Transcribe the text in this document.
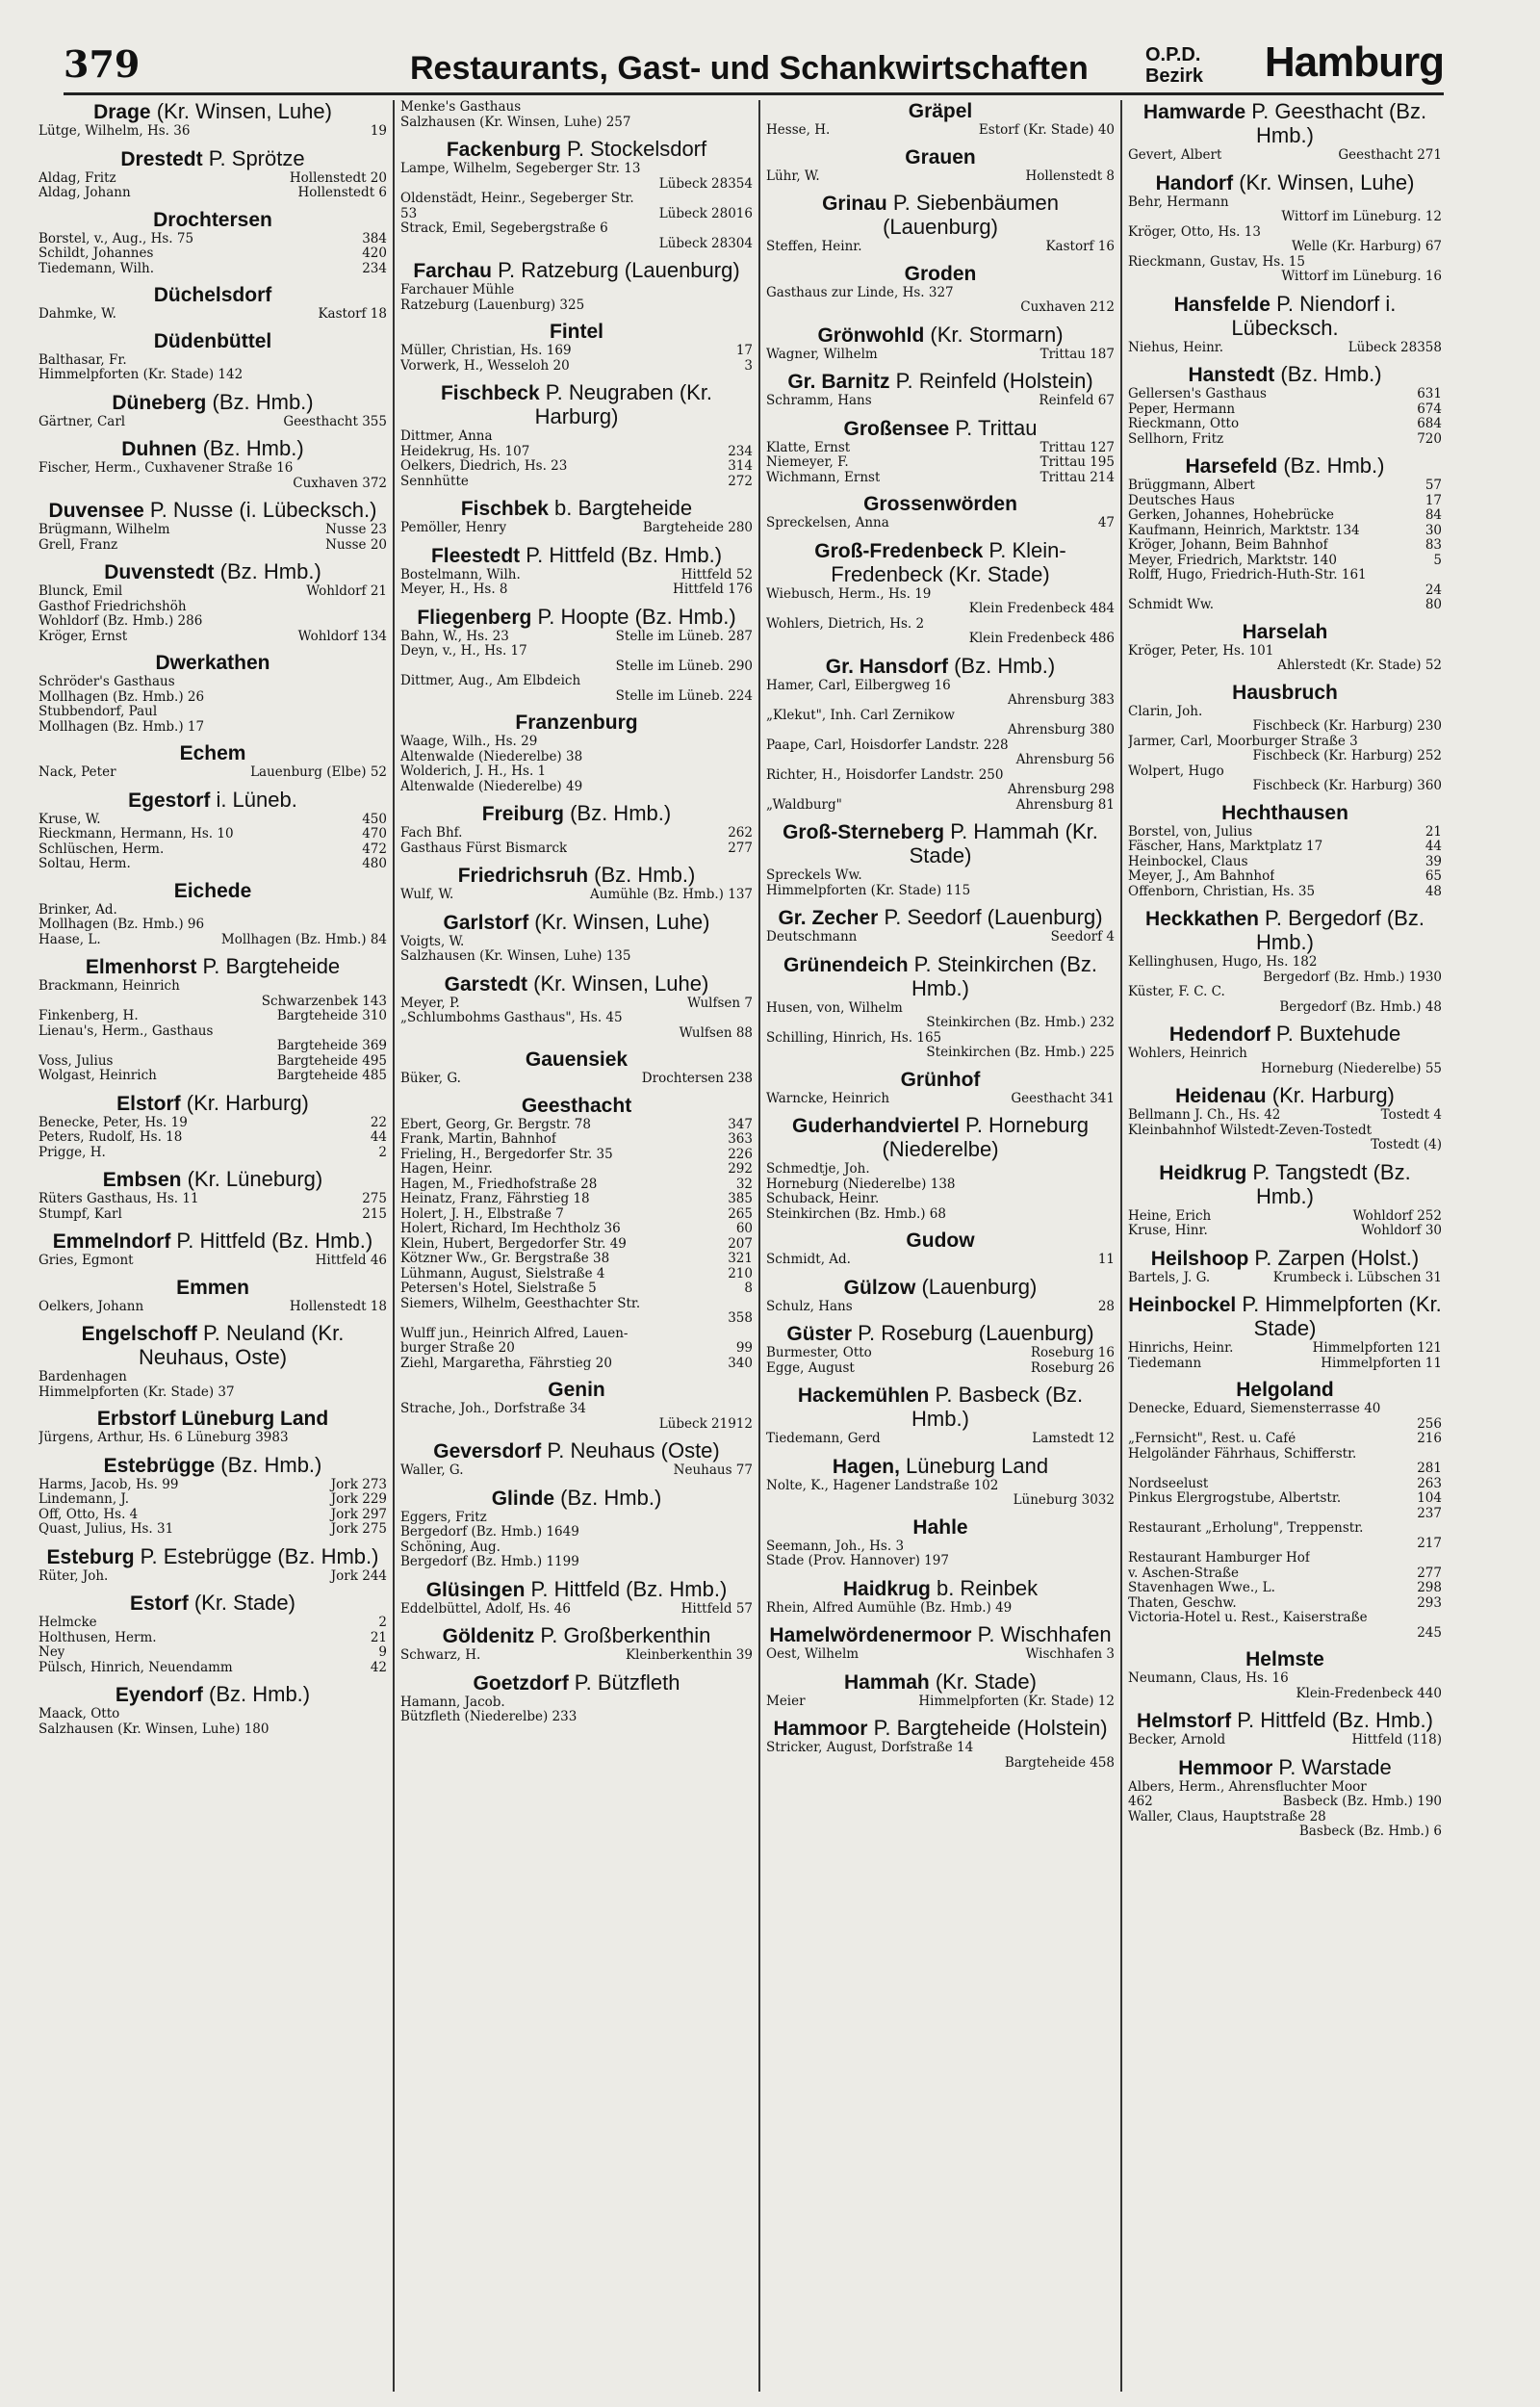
379	Restaurants, Gast- und Schankwirtschaften	O.P.D.
Bezirk Hamburg
Drage (Kr. Winsen, Luhe)
Lütge, Wilhelm, Hs. 36	19
Drestedt P. Sprötze
Aldag, Fritz	Hollenstedt 20
Aldag, Johann	Hollenstedt 6
Drochtersen
Borstel, v., Aug., Hs. 75	384
Schildt, Johannes	420
Tiedemann, Wilh.	234
Düchelsdorf
Dahmke, W.	Kastorf 18
Düdenbüttel
Balthasar, Fr.
Himmelpforten (Kr. Stade) 142
Düneberg (Bz. Hmb.)
Gärtner, Carl	Geesthacht 355
Duhnen (Bz. Hmb.)
Fischer, Herm., Cuxhavener Straße 16
Cuxhaven 372
Duvensee P. Nusse (i. Lübecksch.)
Brügmann, Wilhelm	Nusse 23
Grell, Franz	Nusse 20
Duvenstedt (Bz. Hmb.)
Blunck, Emil	Wohldorf 21
Gasthof Friedrichshöh
Wohldorf (Bz. Hmb.) 286
Kröger, Ernst	Wohldorf 134
Dwerkathen
Schröder's Gasthaus
Mollhagen (Bz. Hmb.) 26
Stubbendorf, Paul
Mollhagen (Bz. Hmb.) 17
Echem
Nack, Peter	Lauenburg (Elbe) 52
Egestorf i. Lüneb.
Kruse, W.	450
Rieckmann, Hermann, Hs. 10	470
Schlüschen, Herm.	472
Soltau, Herm.	480
Eichede
Brinker, Ad.
Mollhagen (Bz. Hmb.) 96
Haase, L.	Mollhagen (Bz. Hmb.) 84
Elmenhorst P. Bargteheide
Brackmann, Heinrich
Schwarzenbek 143
Finkenberg, H.	Bargteheide 310
Lienau's, Herm., Gasthaus
Bargteheide 369
Voss, Julius	Bargteheide 495
Wolgast, Heinrich	Bargteheide 485
Elstorf (Kr. Harburg)
Benecke, Peter, Hs. 19	22
Peters, Rudolf, Hs. 18	44
Prigge, H.	2
Embsen (Kr. Lüneburg)
Rüters Gasthaus, Hs. 11	275
Stumpf, Karl	215
Emmelndorf P. Hittfeld (Bz. Hmb.)
Gries, Egmont	Hittfeld 46
Emmen
Oelkers, Johann	Hollenstedt 18
Engelschoff P. Neuland (Kr. Neuhaus, Oste)
Bardenhagen
Himmelpforten (Kr. Stade) 37
Erbstorf Lüneburg Land
Jürgens, Arthur, Hs. 6 Lüneburg 3983
Estebrügge (Bz. Hmb.)
Harms, Jacob, Hs. 99	Jork 273
Lindemann, J.	Jork 229
Off, Otto, Hs. 4	Jork 297
Quast, Julius, Hs. 31	Jork 275
Esteburg P. Estebrügge (Bz. Hmb.)
Rüter, Joh.	Jork 244
Estorf (Kr. Stade)
Helmcke	2
Holthusen, Herm.	21
Ney	9
Pülsch, Hinrich, Neuendamm	42
Eyendorf (Bz. Hmb.)
Maack, Otto
Salzhausen (Kr. Winsen, Luhe) 180
Menke's Gasthaus
Salzhausen (Kr. Winsen, Luhe) 257
Fackenburg P. Stockelsdorf
Lampe, Wilhelm, Segeberger Str. 13
Lübeck 28354
Oldenstädt, Heinr., Segeberger Str.
53	Lübeck 28016
Strack, Emil, Segebergstraße 6
Lübeck 28304
Farchau P. Ratzeburg (Lauenburg)
Farchauer Mühle
Ratzeburg (Lauenburg) 325
Fintel
Müller, Christian, Hs. 169	17
Vorwerk, H., Wesseloh 20	3
Fischbeck P. Neugraben (Kr. Harburg)
Dittmer, Anna
Heidekrug, Hs. 107	234
Oelkers, Diedrich, Hs. 23	314
Sennhütte	272
Fischbek b. Bargteheide
Pemöller, Henry	Bargteheide 280
Fleestedt P. Hittfeld (Bz. Hmb.)
Bostelmann, Wilh.	Hittfeld 52
Meyer, H., Hs. 8	Hittfeld 176
Fliegenberg P. Hoopte (Bz. Hmb.)
Bahn, W., Hs. 23	Stelle im Lüneb. 287
Deyn, v., H., Hs. 17
Stelle im Lüneb. 290
Dittmer, Aug., Am Elbdeich
Stelle im Lüneb. 224
Franzenburg
Waage, Wilh., Hs. 29
Altenwalde (Niederelbe) 38
Wolderich, J. H., Hs. 1
Altenwalde (Niederelbe) 49
Freiburg (Bz. Hmb.)
Fach Bhf.	262
Gasthaus Fürst Bismarck	277
Friedrichsruh (Bz. Hmb.)
Wulf, W.	Aumühle (Bz. Hmb.) 137
Garlstorf (Kr. Winsen, Luhe)
Voigts, W.
Salzhausen (Kr. Winsen, Luhe) 135
Garstedt (Kr. Winsen, Luhe)
Meyer, P.	Wulfsen 7
„Schlumbohms Gasthaus", Hs. 45
Wulfsen 88
Gauensiek
Büker, G.	Drochtersen 238
Geesthacht
Ebert, Georg, Gr. Bergstr. 78	347
Frank, Martin, Bahnhof	363
Frieling, H., Bergedorfer Str. 35	226
Hagen, Heinr.	292
Hagen, M., Friedhofstraße 28	32
Heinatz, Franz, Fährstieg 18	385
Holert, J. H., Elbstraße 7	265
Holert, Richard, Im Hechtholz 36	60
Klein, Hubert, Bergedorfer Str. 49	207
Kötzner Ww., Gr. Bergstraße 38	321
Lühmann, August, Sielstraße 4	210
Petersen's Hotel, Sielstraße 5	8
Siemers, Wilhelm, Geesthachter Str.
358
Wulff jun., Heinrich Alfred, Lauen-
burger Straße 20	99
Ziehl, Margaretha, Fährstieg 20	340
Genin
Strache, Joh., Dorfstraße 34
Lübeck 21912
Geversdorf P. Neuhaus (Oste)
Waller, G.	Neuhaus 77
Glinde (Bz. Hmb.)
Eggers, Fritz
Bergedorf (Bz. Hmb.) 1649
Schöning, Aug.
Bergedorf (Bz. Hmb.) 1199
Glüsingen P. Hittfeld (Bz. Hmb.)
Eddelbüttel, Adolf, Hs. 46	Hittfeld 57
Göldenitz P. Großberkenthin
Schwarz, H.	Kleinberkenthin 39
Goetzdorf P. Bützfleth
Hamann, Jacob.
Bützfleth (Niederelbe) 233
Gräpel
Hesse, H.	Estorf (Kr. Stade) 40
Grauen
Lühr, W.	Hollenstedt 8
Grinau P. Siebenbäumen (Lauenburg)
Steffen, Heinr.	Kastorf 16
Groden
Gasthaus zur Linde, Hs. 327
Cuxhaven 212
Grönwohld (Kr. Stormarn)
Wagner, Wilhelm	Trittau 187
Gr. Barnitz P. Reinfeld (Holstein)
Schramm, Hans	Reinfeld 67
Großensee P. Trittau
Klatte, Ernst	Trittau 127
Niemeyer, F.	Trittau 195
Wichmann, Ernst	Trittau 214
Grossenwörden
Spreckelsen, Anna	47
Groß-Fredenbeck P. Klein-Fredenbeck (Kr. Stade)
Wiebusch, Herm., Hs. 19
Klein Fredenbeck 484
Wohlers, Dietrich, Hs. 2
Klein Fredenbeck 486
Gr. Hansdorf (Bz. Hmb.)
Hamer, Carl, Eilbergweg 16
Ahrensburg 383
„Klekut", Inh. Carl Zernikow
Ahrensburg 380
Paape, Carl, Hoisdorfer Landstr. 228
Ahrensburg 56
Richter, H., Hoisdorfer Landstr. 250
Ahrensburg 298
„Waldburg"	Ahrensburg 81
Groß-Sterneberg P. Hammah (Kr. Stade)
Spreckels Ww.
Himmelpforten (Kr. Stade) 115
Gr. Zecher P. Seedorf (Lauenburg)
Deutschmann	Seedorf 4
Grünendeich P. Steinkirchen (Bz. Hmb.)
Husen, von, Wilhelm
Steinkirchen (Bz. Hmb.) 232
Schilling, Hinrich, Hs. 165
Steinkirchen (Bz. Hmb.) 225
Grünhof
Warncke, Heinrich	Geesthacht 341
Guderhandviertel P. Horneburg (Niederelbe)
Schmedtje, Joh.
Horneburg (Niederelbe) 138
Schuback, Heinr.
Steinkirchen (Bz. Hmb.) 68
Gudow
Schmidt, Ad.	11
Gülzow (Lauenburg)
Schulz, Hans	28
Güster P. Roseburg (Lauenburg)
Burmester, Otto	Roseburg 16
Egge, August	Roseburg 26
Hackemühlen P. Basbeck (Bz. Hmb.)
Tiedemann, Gerd	Lamstedt 12
Hagen, Lüneburg Land
Nolte, K., Hagener Landstraße 102
Lüneburg 3032
Hahle
Seemann, Joh., Hs. 3
Stade (Prov. Hannover) 197
Haidkrug b. Reinbek
Rhein, Alfred Aumühle (Bz. Hmb.) 49
Hamelwördenermoor P. Wischhafen
Oest, Wilhelm	Wischhafen 3
Hammah (Kr. Stade)
Meier	Himmelpforten (Kr. Stade) 12
Hammoor P. Bargteheide (Holstein)
Stricker, August, Dorfstraße 14
Bargteheide 458
Hamwarde P. Geesthacht (Bz. Hmb.)
Gevert, Albert	Geesthacht 271
Handorf (Kr. Winsen, Luhe)
Behr, Hermann
Wittorf im Lüneburg. 12
Kröger, Otto, Hs. 13
Welle (Kr. Harburg) 67
Rieckmann, Gustav, Hs. 15
Wittorf im Lüneburg. 16
Hansfelde P. Niendorf i. Lübecksch.
Niehus, Heinr.	Lübeck 28358
Hanstedt (Bz. Hmb.)
Gellersen's Gasthaus	631
Peper, Hermann	674
Rieckmann, Otto	684
Sellhorn, Fritz	720
Harsefeld (Bz. Hmb.)
Brüggmann, Albert	57
Deutsches Haus	17
Gerken, Johannes, Hohebrücke	84
Kaufmann, Heinrich, Marktstr. 134	30
Kröger, Johann, Beim Bahnhof	83
Meyer, Friedrich, Marktstr. 140	5
Rolff, Hugo, Friedrich-Huth-Str. 161
24
Schmidt Ww.	80
Harselah
Kröger, Peter, Hs. 101
Ahlerstedt (Kr. Stade) 52
Hausbruch
Clarin, Joh.
Fischbeck (Kr. Harburg) 230
Jarmer, Carl, Moorburger Straße 3
Fischbeck (Kr. Harburg) 252
Wolpert, Hugo
Fischbeck (Kr. Harburg) 360
Hechthausen
Borstel, von, Julius	21
Fäscher, Hans, Marktplatz 17	44
Heinbockel, Claus	39
Meyer, J., Am Bahnhof	65
Offenborn, Christian, Hs. 35	48
Heckkathen P. Bergedorf (Bz. Hmb.)
Kellinghusen, Hugo, Hs. 182
Bergedorf (Bz. Hmb.) 1930
Küster, F. C. C.
Bergedorf (Bz. Hmb.) 48
Hedendorf P. Buxtehude
Wohlers, Heinrich
Horneburg (Niederelbe) 55
Heidenau (Kr. Harburg)
Bellmann J. Ch., Hs. 42	Tostedt 4
Kleinbahnhof Wilstedt-Zeven-Tostedt
Tostedt (4)
Heidkrug P. Tangstedt (Bz. Hmb.)
Heine, Erich	Wohldorf 252
Kruse, Hinr.	Wohldorf 30
Heilshoop P. Zarpen (Holst.)
Bartels, J. G.	Krumbeck i. Lübschen 31
Heinbockel P. Himmelpforten (Kr. Stade)
Hinrichs, Heinr.	Himmelpforten 121
Tiedemann	Himmelpforten 11
Helgoland
Denecke, Eduard, Siemensterrasse 40
256
„Fernsicht", Rest. u. Café	216
Helgoländer Fährhaus, Schifferstr.
281
Nordseelust	263
Pinkus Elergrogstube, Albertstr.	104
237
Restaurant „Erholung", Treppenstr.
217
Restaurant Hamburger Hof
v. Aschen-Straße	277
Stavenhagen Wwe., L.	298
Thaten, Geschw.	293
Victoria-Hotel u. Rest., Kaiserstraße
245
Helmste
Neumann, Claus, Hs. 16
Klein-Fredenbeck 440
Helmstorf P. Hittfeld (Bz. Hmb.)
Becker, Arnold	Hittfeld (118)
Hemmoor P. Warstade
Albers, Herm., Ahrensfluchter Moor
462	Basbeck (Bz. Hmb.) 190
Waller, Claus, Hauptstraße 28
Basbeck (Bz. Hmb.) 6
